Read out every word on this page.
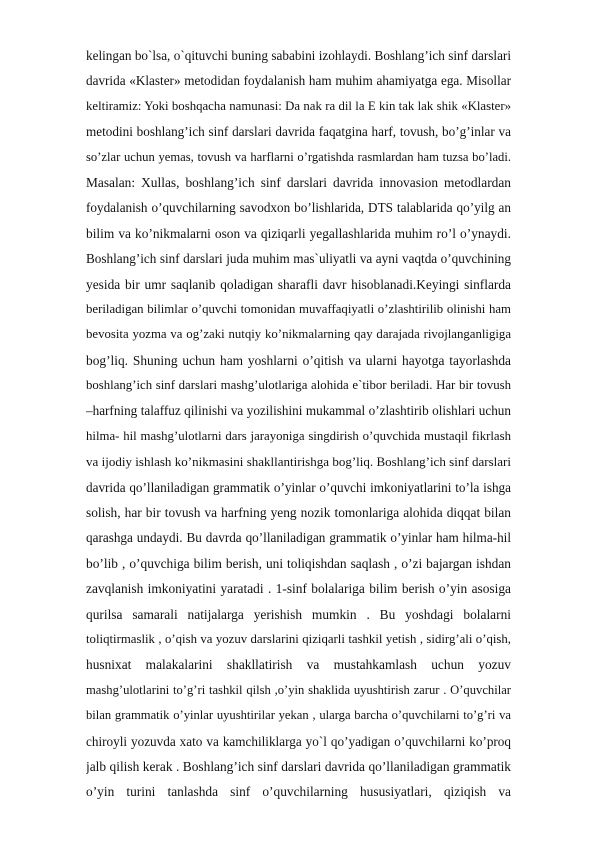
kelingan bo`lsa, o`qituvchi buning sababini izohlaydi. Boshlang’ich sinf darslari
davrida «Klaster» metodidan foydalanish ham muhim ahamiyatga ega. Misollar
keltiramiz: Yoki boshqacha namunasi: Da nak ra dil la E kin tak lak shik «Klaster»
metodini boshlang’ich sinf darslari davrida faqatgina harf, tovush, bo’g’inlar va
so’zlar uchun yemas, tovush va harflarni o’rgatishda rasmlardan ham tuzsa bo’ladi.
Masalan: Xullas, boshlang’ich sinf darslari davrida innovasion metodlardan
foydalanish o’quvchilarning savodxon bo’lishlarida, DTS talablarida qo’yilg an
bilim va ko’nikmalarni oson va qiziqarli yegallashlarida muhim ro’l o’ynaydi.
Boshlang’ich sinf darslari juda muhim mas`uliyatli va ayni vaqtda o’quvchining
yesida bir umr saqlanib qoladigan sharafli davr hisoblanadi.Keyingi sinflarda
beriladigan bilimlar o’quvchi tomonidan muvaffaqiyatli o’zlashtirilib olinishi ham
bevosita yozma va og’zaki nutqiy ko’nikmalarning qay darajada rivojlanganligiga
bog’liq. Shuning uchun ham yoshlarni o’qitish va ularni hayotga tayorlashda
boshlang’ich sinf darslari mashg’ulotlariga alohida e`tibor beriladi. Har bir tovush
–harfning talaffuz qilinishi va yozilishini mukammal o’zlashtirib olishlari uchun
hilma- hil mashg’ulotlarni dars jarayoniga singdirish o’quvchida mustaqil fikrlash
va ijodiy ishlash ko’nikmasini shakllantirishga bog’liq. Boshlang’ich sinf darslari
davrida qo’llaniladigan grammatik o’yinlar o’quvchi imkoniyatlarini to’la ishga
solish, har bir tovush va harfning yeng nozik tomonlariga alohida diqqat bilan
qarashga undaydi. Bu davrda qo’llaniladigan grammatik o’yinlar ham hilma-hil
bo’lib , o’quvchiga bilim berish, uni toliqishdan saqlash , o’zi bajargan ishdan
zavqlanish imkoniyatini yaratadi . 1-sinf bolalariga bilim berish o’yin asosiga
qurilsa samarali natijalarga yerishish mumkin . Bu yoshdagi bolalarni
toliqtirmaslik , o’qish va yozuv darslarini qiziqarli tashkil yetish , sidirg’ali o’qish,
husnixat malakalarini shakllatirish va mustahkamlash uchun yozuv
mashg’ulotlarini to’g’ri tashkil qilsh ,o’yin shaklida uyushtirish zarur . O’quvchilar
bilan grammatik o’yinlar uyushtirilar yekan , ularga barcha o’quvchilarni to’g’ri va
chiroyli yozuvda xato va kamchiliklarga yo`l qo’yadigan o’quvchilarni ko’proq
jalb qilish kerak . Boshlang’ich sinf darslari davrida qo’llaniladigan grammatik
o’yin turini tanlashda sinf o’quvchilarning hususiyatlari, qiziqish va
